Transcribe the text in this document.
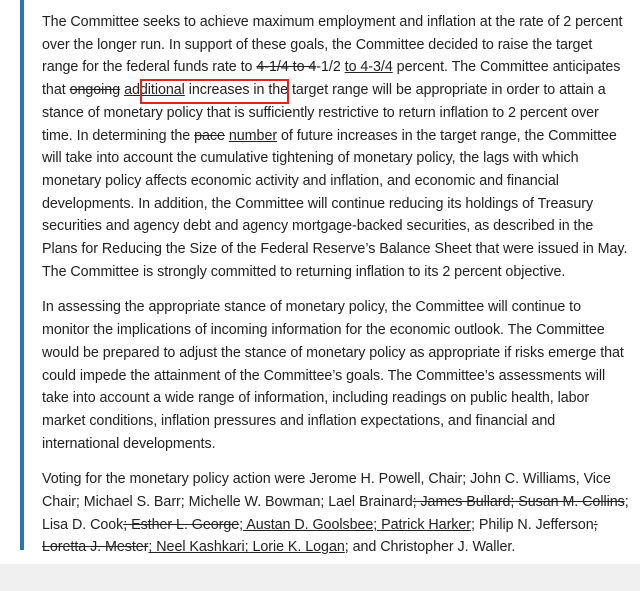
The Committee seeks to achieve maximum employment and inflation at the rate of 2 percent over the longer run. In support of these goals, the Committee decided to raise the target range for the federal funds rate to 4-1/4 to 4-1/2 to 4-3/4 percent. The Committee anticipates that ongoing additional increases in the target range will be appropriate in order to attain a stance of monetary policy that is sufficiently restrictive to return inflation to 2 percent over time. In determining the pace number of future increases in the target range, the Committee will take into account the cumulative tightening of monetary policy, the lags with which monetary policy affects economic activity and inflation, and economic and financial developments. In addition, the Committee will continue reducing its holdings of Treasury securities and agency debt and agency mortgage-backed securities, as described in the Plans for Reducing the Size of the Federal Reserve’s Balance Sheet that were issued in May. The Committee is strongly committed to returning inflation to its 2 percent objective.

In assessing the appropriate stance of monetary policy, the Committee will continue to monitor the implications of incoming information for the economic outlook. The Committee would be prepared to adjust the stance of monetary policy as appropriate if risks emerge that could impede the attainment of the Committee’s goals. The Committee’s assessments will take into account a wide range of information, including readings on public health, labor market conditions, inflation pressures and inflation expectations, and financial and international developments.

Voting for the monetary policy action were Jerome H. Powell, Chair; John C. Williams, Vice Chair; Michael S. Barr; Michelle W. Bowman; Lael Brainard; James Bullard; Susan M. Collins; Lisa D. Cook; Esther L. George; Austan D. Goolsbee; Patrick Harker; Philip N. Jefferson; Loretta J. Mester; Neel Kashkari; Lorie K. Logan; and Christopher J. Waller.
